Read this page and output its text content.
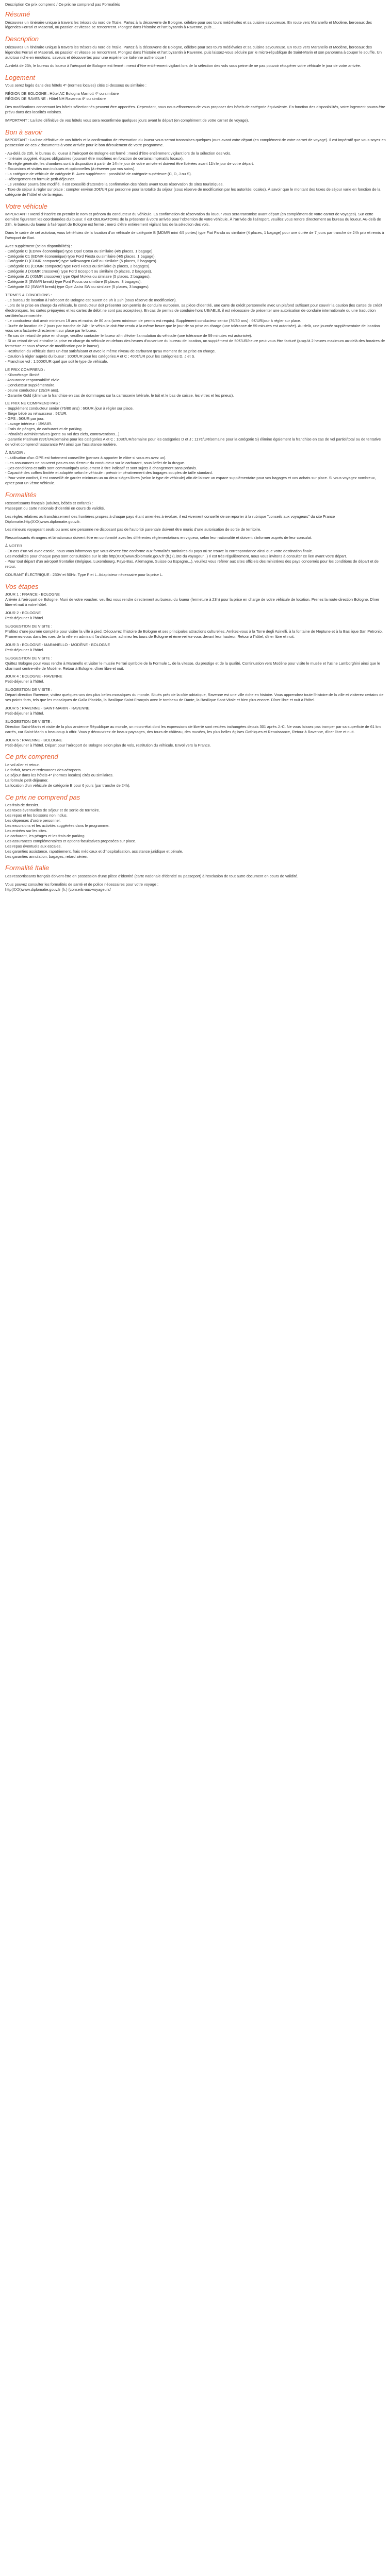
Description Ce prix comprend / Ce prix ne comprend pas Formalités
Résumé
Découvrez un itinéraire unique à travers les trésors du nord de l'Italie. Partez à la découverte de Bologne, célèbre pour ses tours médiévales et sa cuisine savoureuse. En route vers Maranello et Modène, berceaux des légendes Ferrari et Maserati, où passion et vitesse se rencontrent. Plongez dans l'histoire et l'art byzantin à Ravenne, puis ...
Description
Découvrez un itinéraire unique à travers les trésors du nord de l'Italie. Partez à la découverte de Bologne, célèbre pour ses tours médiévales et sa cuisine savoureuse. En route vers Maranello et Modène, berceaux des légendes Ferrari et Maserati, où passion et vitesse se rencontrent. Plongez dans l'histoire et l'art byzantin à Ravenne, puis laissez-vous séduire par le micro-république de Saint-Marin et son panorama à couper le souffle. Un autotour riche en émotions, saveurs et découvertes pour une expérience italienne authentique !
Au-delà de 23h, le bureau du loueur à l'aéroport de Bologne est fermé : merci d'être entièrement vigilant lors de la sélection des vols sous peine de ne pas pouvoir récupérer votre véhicule le jour de votre arrivée.
Logement
Vous serez logés dans des hôtels 4* (normes locales) cités ci-dessous ou similaire :
RÉGION DE BOLOGNE : Hôtel AC Bologna Marriott 4* ou similaire
RÉGION DE RAVENNE : Hôtel NH Ravenna 4* ou similaire
Des modifications concernant les hôtels sélectionnés peuvent être apportées. Cependant, nous nous efforcerons de vous proposer des hôtels de catégorie équivalente. En fonction des disponibilités, votre logement pourra être prévu dans des localités voisines.
IMPORTANT : La liste définitive de vos hôtels vous sera reconfirmée quelques jours avant le départ (en complément de votre carnet de voyage).
Bon à savoir
IMPORTANT : La liste définitive de vos hôtels et la confirmation de réservation du loueur vous seront transmises quelques jours avant votre départ (en complément de votre carnet de voyage). Il est impératif que vous soyez en possession de ces 2 documents à votre arrivée pour le bon déroulement de votre programme.
- Au-delà de 23h, le bureau du loueur à l'aéroport de Bologne est fermé : merci d'être entièrement vigilant lors de la sélection des vols.
- Itinéraire suggéré, étapes obligatoires (pouvant être modifiées en fonction de certains impératifs locaux).
- En règle générale, les chambres sont à disposition à partir de 14h le jour de votre arrivée et doivent être libérées avant 11h le jour de votre départ.
- Excursions et visites non incluses et optionnelles (à réserver par vos soins).
- La catégorie de véhicule de catégorie B. Avec supplément : possibilité de catégorie supérieure (C, D, J ou S).
- Hébergement en formule petit-déjeuner.
- Le vendeur pourra être modifié. Il est conseillé d'attendre la confirmation des hôtels avant toute réservation de sites touristiques.
- Taxe de séjour à régler sur place : compter environ 20€/UR par personne pour la totalité du séjour (sous réserve de modification par les autorités locales). À savoir que le montant des taxes de séjour varie en fonction de la catégorie de l'hôtel et de la région.
Votre véhicule
IMPORTANT ! Merci d'inscrire en premier le nom et prénom du conducteur du véhicule. La confirmation de réservation du loueur vous sera transmise avant départ (en complément de votre carnet de voyages). Sur cette dernière figureront les coordonnées du loueur. Il est OBLIGATOIRE de la présenter à votre arrivée pour l'obtention de votre véhicule. À l'arrivée de l'aéroport, veuillez vous rendre directement au bureau du loueur. Au-delà de 23h, le bureau du loueur à l'aéroport de Bologne est fermé : merci d'être entièrement vigilant lors de la sélection des vols.
Dans le cadre de cet autotour, vous bénéficiez de la location d'un véhicule de catégorie B (MDMR mini 4/5 portes) type Fiat Panda ou similaire (4 places, 1 bagage) pour une durée de 7 jours par tranche de 24h prix et remis à l'aéroport de Bari.
Avec supplément (selon disponibilités) :
- Catégorie C (EDMR économique) type Opel Corsa ou similaire (4/5 places, 1 bagage).
- Catégorie C1 (EDMR économique) type Ford Fiesta ou similaire (4/5 places, 1 bagage).
- Catégorie D (CDMR compacte) type Volkswagen Golf ou similaire (5 places, 2 bagages).
- Catégorie D1 (CDMR compacte) type Ford Focus ou similaire (5 places, 2 bagages).
- Catégorie J (XGMR crossover) type Ford Ecosport ou similaire (5 places, 2 bagages).
- Catégorie J1 (XGMR crossover) type Opel Mokka ou similaire (5 places, 2 bagages).
- Catégorie S (SWMR break) type Ford Focus ou similaire (5 places, 3 bagages).
- Catégorie S2 (SWMR break) type Opel Astra SW ou similaire (5 places, 3 bagages).
TERMES & CONDITIONS :
- Le bureau de location à l'aéroport de Bologne est ouvert de 8h à 23h (sous réserve de modification).
- Lors de la prise en charge du véhicule, le conducteur doit présenter son permis de conduire européen, sa pièce d'identité, une carte de crédit personnelle avec un plafond suffisant pour couvrir la caution (les cartes de crédit électroniques, les cartes prépayées et les cartes de débit ne sont pas acceptées). En cas de permis de conduire hors UE/AELE, il est nécessaire de présenter une autorisation de conduire internationale ou une traduction certifiée/assermentée.
- Le conducteur doit avoir minimum 19 ans et moins de 80 ans (avec minimum de permis est requis). Supplément conducteur senior (76/80 ans) : 6€/UR/jour à régler sur place.
- Durée de location de 7 jours par tranche de 24h : le véhicule doit être rendu à la même heure que le jour de sa prise en charge (une tolérance de 59 minutes est autorisée). Au-delà, une journée supplémentaire de location vous sera facturée directement sur place par le loueur.
- En cas de retard de prise en charge, veuillez contacter le loueur afin d'éviter l'annulation du véhicule (une tolérance de 59 minutes est autorisée).
- Si un retard de vol entraîne la prise en charge du véhicule en dehors des heures d'ouverture du bureau de location, un supplément de 50€/UR/heure peut vous être facturé (jusqu'à 2 heures maximum au-delà des horaires de fermeture et sous réserve de modification par le loueur).
- Restitution du véhicule dans un état satisfaisant et avec le même niveau de carburant qu'au moment de sa prise en charge.
- Caution à régler auprès du loueur : 300€/UR pour les catégories A et C ; 400€/UR pour les catégories D, J et S.
- Franchise vol : 1.500€/UR quel que soit le type de véhicule.
LE PRIX COMPREND :
- Kilométrage illimité.
- Assurance responsabilité civile.
- Conducteur supplémentaire.
- Jeune conducteur (19/24 ans).
- Garantie Gold (diminue la franchise en cas de dommages sur la carrosserie latérale, le toit et le bas de caisse, les vitres et les pneus).
LE PRIX NE COMPREND PAS :
- Supplément conducteur senior (76/80 ans) : 6€/UR /jour à régler sur place.
- Siège bébé ou rehausseur : 5€/UR.
- GPS : 5€/UR par jour.
- Lavage intérieur : 15€/UR.
- Frais de péages, de carburant et de parking.
- Pénalités administratives (perte ou vol des clefs, contraventions...).
- Garantie Platinum (99€/UR/semaine pour les catégories A et C ; 108€/UR/semaine pour les catégories D et J ; 117€/UR/semaine pour la catégorie S) élimine également la franchise en cas de vol partiel/total ou de tentative de vol et comprend l'assurance PAI ainsi que l'assistance routière.
À SAVOIR :
- L'utilisation d'un GPS est fortement conseillée (pensez à apporter le vôtre si vous en avez un).
- Les assurances ne couvrent pas en cas d'erreur du conducteur sur le carburant, sous l'effet de la drogue.
- Ces conditions et tarifs sont communiqués uniquement à titre indicatif et sont sujets à changement sans préavis.
- Capacité des coffres limitée et adaptée selon le véhicule : prévoir impérativement des bagages souples de taille standard.
- Pour votre confort, il est conseillé de garder minimum un ou deux sièges libres (selon le type de véhicule) afin de laisser un espace supplémentaire pour vos bagages et vos achats sur place. Si vous voyagez nombreux, optez pour un 2ème véhicule.
Formalités
Ressortissants français (adultes, bébés et enfants) :
Passeport ou carte nationale d'identité en cours de validité.
Les règles relatives au franchissement des frontières propres à chaque pays étant amenées à évoluer, il est vivement conseillé de se reporter à la rubrique "conseils aux voyageurs" du site France Diplomatie.http(XXX)www.diplomatie.gouv.fr.
Les mineurs voyageant seuls ou avec une personne ne disposant pas de l'autorité parentale doivent être munis d'une autorisation de sortie de territoire.
Ressortissants étrangers et binationaux doivent être en conformité avec les différentes réglementations en vigueur, selon leur nationalité et doivent s'informer auprès de leur consulat.
À NOTER
- En cas d'un vol avec escale, nous vous informons que vous devrez être conforme aux formalités sanitaires du pays où se trouve la correspondance ainsi que votre destination finale.
Les modalités pour chaque pays sont consultables sur le site http(XXX)www.diplomatie.gouv.fr (fr.) (Liste du voyageur...) Il est très régulièrement, nous vous invitons à consulter ce lien avant votre départ.
- Pour tout départ d'un aéroport frontalier (Belgique, Luxembourg, Pays-Bas, Allemagne, Suisse ou Espagne...), veuillez vous référer aux sites officiels des ministères des pays concernés pour les conditions de départ et de retour.
COURANT ÉLECTRIQUE : 230V et 50Hz. Type F et L. Adaptateur nécessaire pour la prise L.
Vos étapes
JOUR 1 : FRANCE - BOLOGNE
Arrivée à l'aéroport de Bologne. Muni de votre voucher, veuillez vous rendre directement au bureau du loueur (fermeture à 23h) pour la prise en charge de votre véhicule de location. Prenez la route direction Bologne. Dîner libre et nuit à votre hôtel.
JOUR 2 : BOLOGNE
Petit-déjeuner à l'hôtel.
SUGGESTION DE VISITE :
Profitez d'une journée complète pour visiter la ville à pied. Découvrez l'histoire de Bologne et ses principales attractions culturelles. Arrêtez-vous à la Torre degli Asinelli, à la fontaine de Neptune et à la Basilique San Petronio. Promenez-vous dans les rues de la ville en admirant l'architecture, admirez les tours de Bologne et émerveillez-vous devant leur hauteur. Retour à l'hôtel, dîner libre et nuit.
JOUR 3 : BOLOGNE - MARANELLO - MODÈNE - BOLOGNE
Petit-déjeuner à l'hôtel.
SUGGESTION DE VISITE :
Quittez Bologne pour vous rendre à Maranello et visiter le musée Ferrari symbole de la Formule 1, de la vitesse, du prestige et de la qualité. Continuation vers Modène pour visite le musée et l'usine Lamborghini ainsi que le charmant centre-ville de Modène. Retour à Bologne, dîner libre et nuit.
JOUR 4 : BOLOGNE - RAVENNE
Petit-déjeuner à l'hôtel.
SUGGESTION DE VISITE :
Départ direction Ravenne, visitez quelques-uns des plus belles mosaïques du monde. Situés près de la côte adriatique, Ravenne est une ville riche en histoire. Vous apprendrez toute l'histoire de la ville et visiterez certains de ses points forts, tels que les mosaïques de Galla Placidia, la Basilique Saint-François avec le tombeau de Dante, la Basilique Sant-Vitale et bien plus encore. Dîner libre et nuit à l'hôtel.
JOUR 5 : RAVENNE - SAINT-MARIN - RAVENNE
Petit-déjeuner à l'hôtel.
SUGGESTION DE VISITE :
Direction Saint-Marin et visite de la plus ancienne République au monde, un micro-état dont les expressions de liberté sont restées inchangées depuis 301 après J.-C. Ne vous laissez pas tromper par sa superficie de 61 km carrés, car Saint-Marin a beaucoup à offrir. Vous y découvrirez de beaux paysages, des tours de château, des musées, les plus belles églises Gothiques et Renaissance, Retour à Ravenne, dîner libre et nuit.
JOUR 6 : RAVENNE - BOLOGNE
Petit-déjeuner à l'hôtel. Départ pour l'aéroport de Bologne selon plan de vols, restitution du véhicule. Envol vers la France.
Ce prix comprend
Le vol aller et retour.
Le forfait, taxes et redevances des aéroports.
Le séjour dans les hôtels 4* (normes locales) cités ou similaires.
La formule petit-déjeuner.
La location d'un véhicule de catégorie B pour 6 jours (par tranche de 24h).
Ce prix ne comprend pas
Les frais de dossier.
Les taxes éventuelles de séjour et de sortie de territoire.
Les repas et les boissons non inclus.
Les dépenses d'ordre personnel.
Les excursions et les activités suggérées dans le programme.
Les entrées sur les sites.
Le carburant, les péages et les frais de parking.
Les assurances complémentaires et options facultatives proposées sur place.
Les repas éventuels aux escales.
Les garanties assistance, rapatriement, frais médicaux et d'hospitalisation, assistance juridique et pénale.
Les garanties annulation, bagages, retard aérien.
Formalité Italie
Les ressortissants français doivent être en possession d'une pièce d'identité (carte nationale d'identité ou passeport) à l'exclusion de tout autre document en cours de validité.
Vous pouvez consulter les formalités de santé et de police nécessaires pour votre voyage :
http(XXX)www.diplomatie.gouv.fr (fr.) (conseils-aux-voyageurs/
